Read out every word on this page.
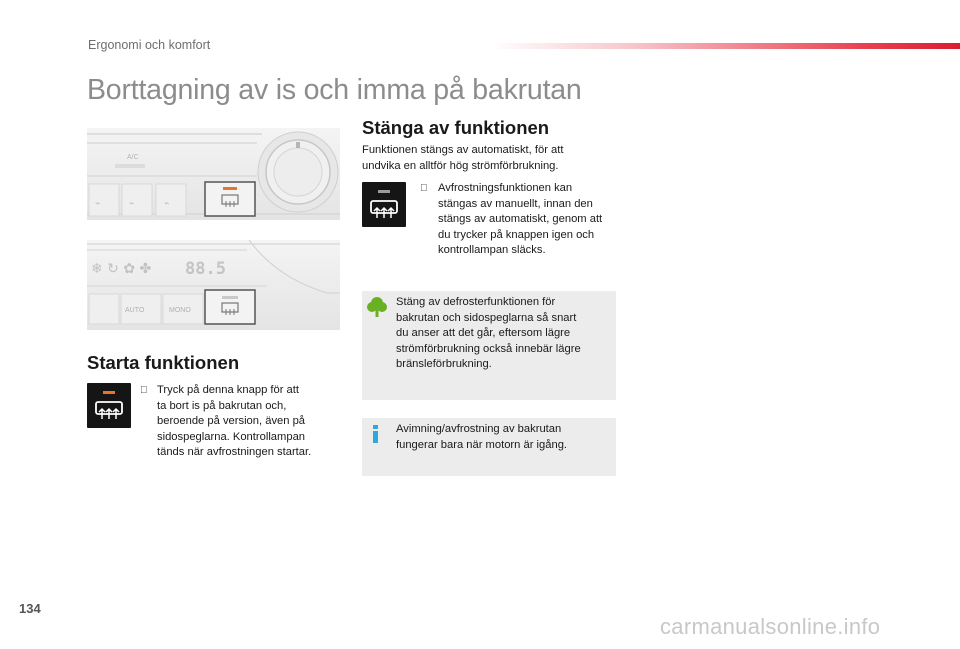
Ergonomi och komfort
Borttagning av is och imma på bakrutan
A/C
⌁	⌁	⌁
❄ ↻ ✿ ✤ 88.5
AUTO	MONO
Starta funktionen
Tryck på denna knapp för att
ta bort is på bakrutan och,
beroende på version, även på
sidospeglarna. Kontrollampan
tänds när avfrostningen startar.
Stänga av funktionen
Funktionen stängs av automatiskt, för att
undvika en alltför hög strömförbrukning.
Avfrostningsfunktionen kan
stängas av manuellt, innan den
stängs av automatiskt, genom att
du trycker på knappen igen och
kontrollampan släcks.
Stäng av defrosterfunktionen för
bakrutan och sidospeglarna så snart
du anser att det går, eftersom lägre
strömförbrukning också innebär lägre
bränsleförbrukning.
Avimning/avfrostning av bakrutan
fungerar bara när motorn är igång.
134
carmanualsonline.info
